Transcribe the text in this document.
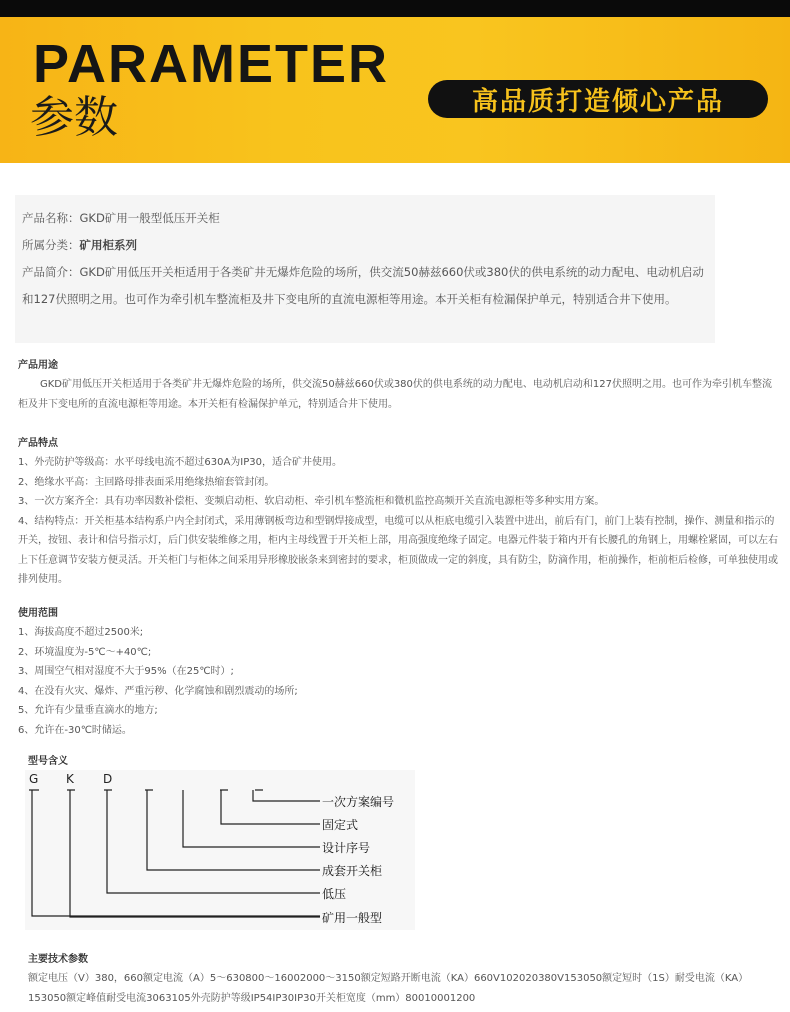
PARAMETER
参数	高品质打造倾心产品
产品名称：GKD矿用一般型低压开关柜
所属分类：矿用柜系列
产品简介：GKD矿用低压开关柜适用于各类矿井无爆炸危险的场所，供交流50赫兹660伏或380伏的供电系统的动力配电、电动机启动和127伏照明之用。也可作为牵引机车整流柜及井下变电所的直流电源柜等用途。本开关柜有检漏保护单元，特别适合井下使用。
产品用途
GKD矿用低压开关柜适用于各类矿井无爆炸危险的场所，供交流50赫兹660伏或380伏的供电系统的动力配电、电动机启动和127伏照明之用。也可作为牵引机车整流柜及井下变电所的直流电源柜等用途。本开关柜有检漏保护单元，特别适合井下使用。
产品特点
1、外壳防护等级高：水平母线电流不超过630A为IP30，适合矿井使用。
2、绝缘水平高：主回路母排表面采用绝缘热缩套管封闭。
3、一次方案齐全：具有功率因数补偿柜、变频启动柜、软启动柜、牵引机车整流柜和微机监控高频开关直流电源柜等多种实用方案。
4、结构特点：开关柜基本结构系户内全封闭式，采用薄钢板弯边和型钢焊接成型，电缆可以从柜底电缆引入装置中进出，前后有门，前门上装有控制，操作、测量和指示的开关，按钮、表计和信号指示灯，后门供安装维修之用，柜内主母线置于开关柜上部，用高强度绝缘子固定。电器元件装于箱内开有长腰孔的角钢上，用螺栓紧固，可以左右上下任意调节安装方便灵活。开关柜门与柜体之间采用异形橡胶嵌条来到密封的要求，柜顶做成一定的斜度，具有防尘，防滴作用，柜前操作，柜前柜后检修，可单独使用或排列使用。
使用范围
1、海拔高度不超过2500米;
2、环境温度为-5℃～+40℃;
3、周围空气相对湿度不大于95%（在25℃时）;
4、在没有火灾、爆炸、严重污秽、化学腐蚀和剧烈震动的场所;
5、允许有少量垂直滴水的地方;
6、允许在-30℃时储运。
型号含义
G K D
一次方案编号
固定式
设计序号
成套开关柜
低压
矿用一般型
主要技术参数
额定电压（V）380，660额定电流（A）5～630800～16002000～3150额定短路开断电流（KA）660V102020380V153050额定短时（1S）耐受电流（KA）153050额定峰值耐受电流3063105外壳防护等级IP54IP30IP30开关柜宽度（mm）80010001200
